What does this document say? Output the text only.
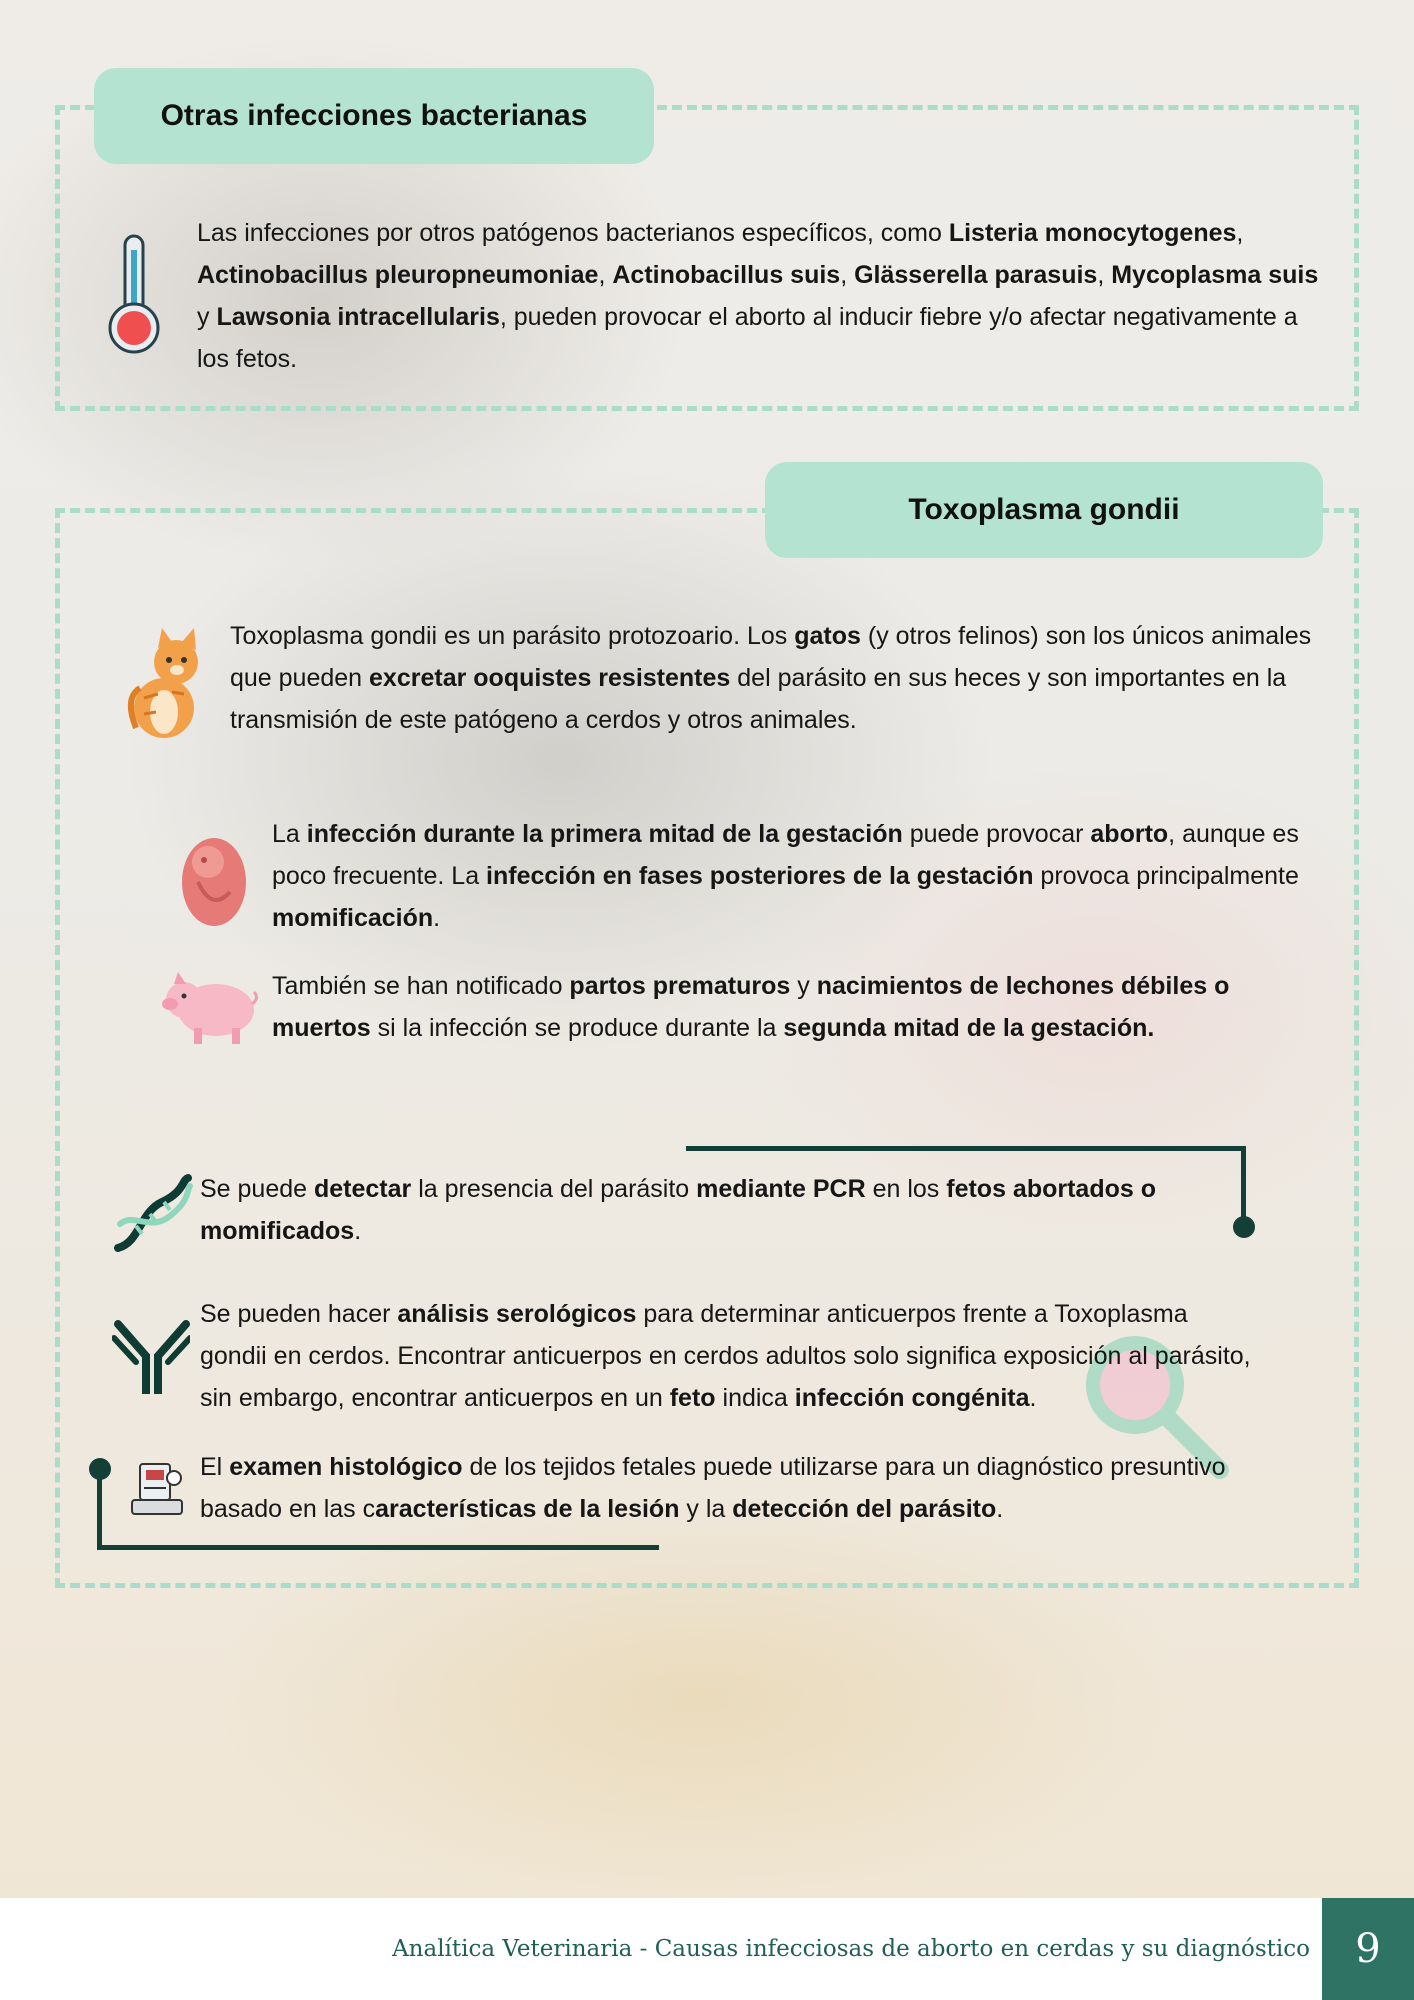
Otras infecciones bacterianas
Las infecciones por otros patógenos bacterianos específicos, como Listeria monocytogenes, Actinobacillus pleuropneumoniae, Actinobacillus suis, Glässerella parasuis, Mycoplasma suis y Lawsonia intracellularis, pueden provocar el aborto al inducir fiebre y/o afectar negativamente a los fetos.
Toxoplasma gondii
Toxoplasma gondii es un parásito protozoario. Los gatos (y otros felinos) son los únicos animales que pueden excretar ooquistes resistentes del parásito en sus heces y son importantes en la transmisión de este patógeno a cerdos y otros animales.
La infección durante la primera mitad de la gestación puede provocar aborto, aunque es poco frecuente. La infección en fases posteriores de la gestación provoca principalmente momificación.
También se han notificado partos prematuros y nacimientos de lechones débiles o muertos si la infección se produce durante la segunda mitad de la gestación.
Se puede detectar la presencia del parásito mediante PCR en los fetos abortados o momificados.
Se pueden hacer análisis serológicos para determinar anticuerpos frente a Toxoplasma gondii en cerdos. Encontrar anticuerpos en cerdos adultos solo significa exposición al parásito, sin embargo, encontrar anticuerpos en un feto indica infección congénita.
El examen histológico de los tejidos fetales puede utilizarse para un diagnóstico presuntivo basado en las características de la lesión y la detección del parásito.
Analítica Veterinaria - Causas infecciosas de aborto en cerdas y su diagnóstico 9
